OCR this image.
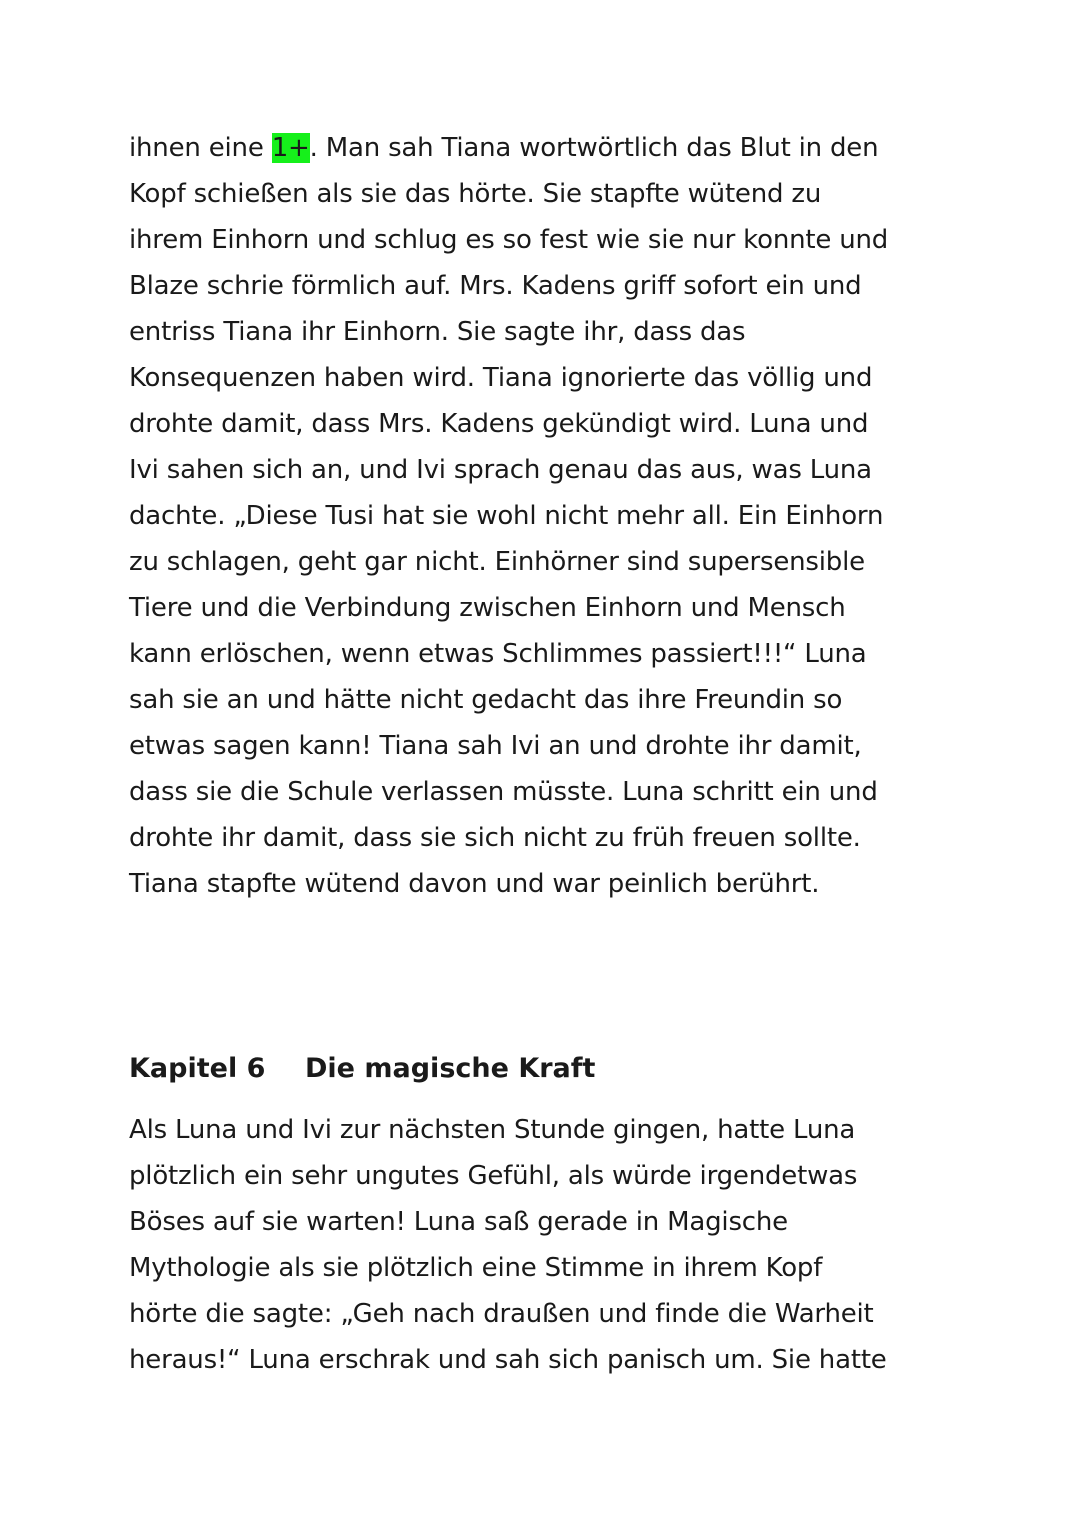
ihnen eine 1+. Man sah Tiana wortwörtlich das Blut in den
Kopf schießen als sie das hörte. Sie stapfte wütend zu
ihrem Einhorn und schlug es so fest wie sie nur konnte und
Blaze schrie förmlich auf. Mrs. Kadens griff sofort ein und
entriss Tiana ihr Einhorn. Sie sagte ihr, dass das
Konsequenzen haben wird. Tiana ignorierte das völlig und
drohte damit, dass Mrs. Kadens gekündigt wird. Luna und
Ivi sahen sich an, und Ivi sprach genau das aus, was Luna
dachte. „Diese Tusi hat sie wohl nicht mehr all. Ein Einhorn
zu schlagen, geht gar nicht. Einhörner sind supersensible
Tiere und die Verbindung zwischen Einhorn und Mensch
kann erlöschen, wenn etwas Schlimmes passiert!!!“ Luna
sah sie an und hätte nicht gedacht das ihre Freundin so
etwas sagen kann! Tiana sah Ivi an und drohte ihr damit,
dass sie die Schule verlassen müsste. Luna schritt ein und
drohte ihr damit, dass sie sich nicht zu früh freuen sollte.
Tiana stapfte wütend davon und war peinlich berührt.
Kapitel 6 Die magische Kraft
Als Luna und Ivi zur nächsten Stunde gingen, hatte Luna
plötzlich ein sehr ungutes Gefühl, als würde irgendetwas
Böses auf sie warten! Luna saß gerade in Magische
Mythologie als sie plötzlich eine Stimme in ihrem Kopf
hörte die sagte: „Geh nach draußen und finde die Warheit
heraus!“ Luna erschrak und sah sich panisch um. Sie hatte
